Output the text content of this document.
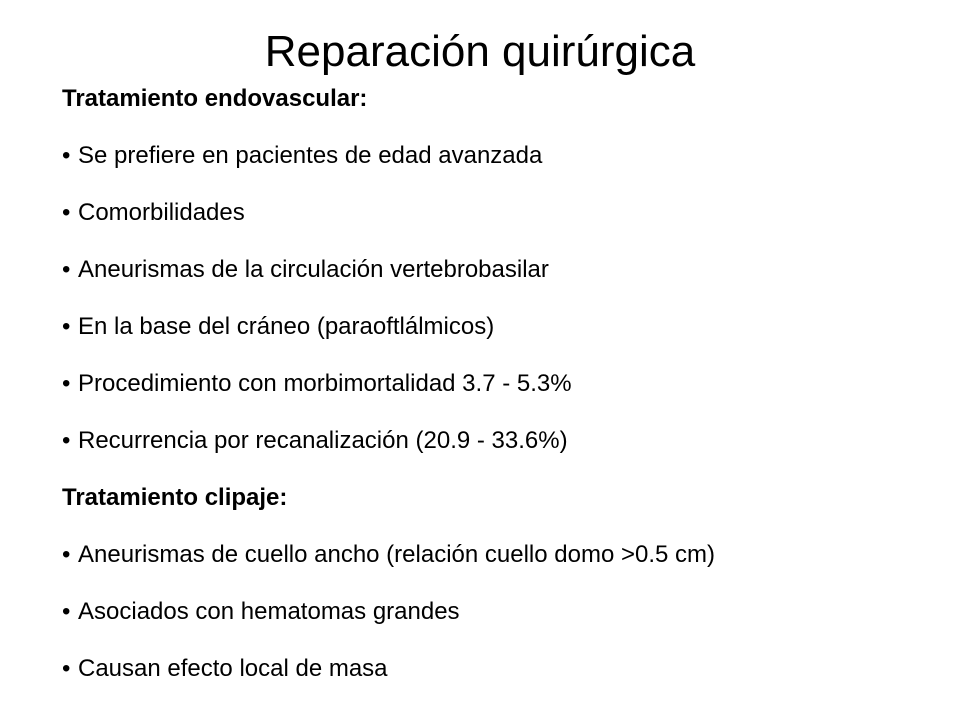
Reparación quirúrgica
Tratamiento endovascular:
• Se prefiere en pacientes de edad avanzada
• Comorbilidades
• Aneurismas de la circulación vertebrobasilar
• En la base del cráneo (paraoftlálmicos)
• Procedimiento con morbimortalidad 3.7 - 5.3%
• Recurrencia por recanalización (20.9 - 33.6%)
Tratamiento clipaje:
• Aneurismas de cuello ancho (relación cuello domo >0.5 cm)
• Asociados con hematomas grandes
• Causan efecto local de masa
